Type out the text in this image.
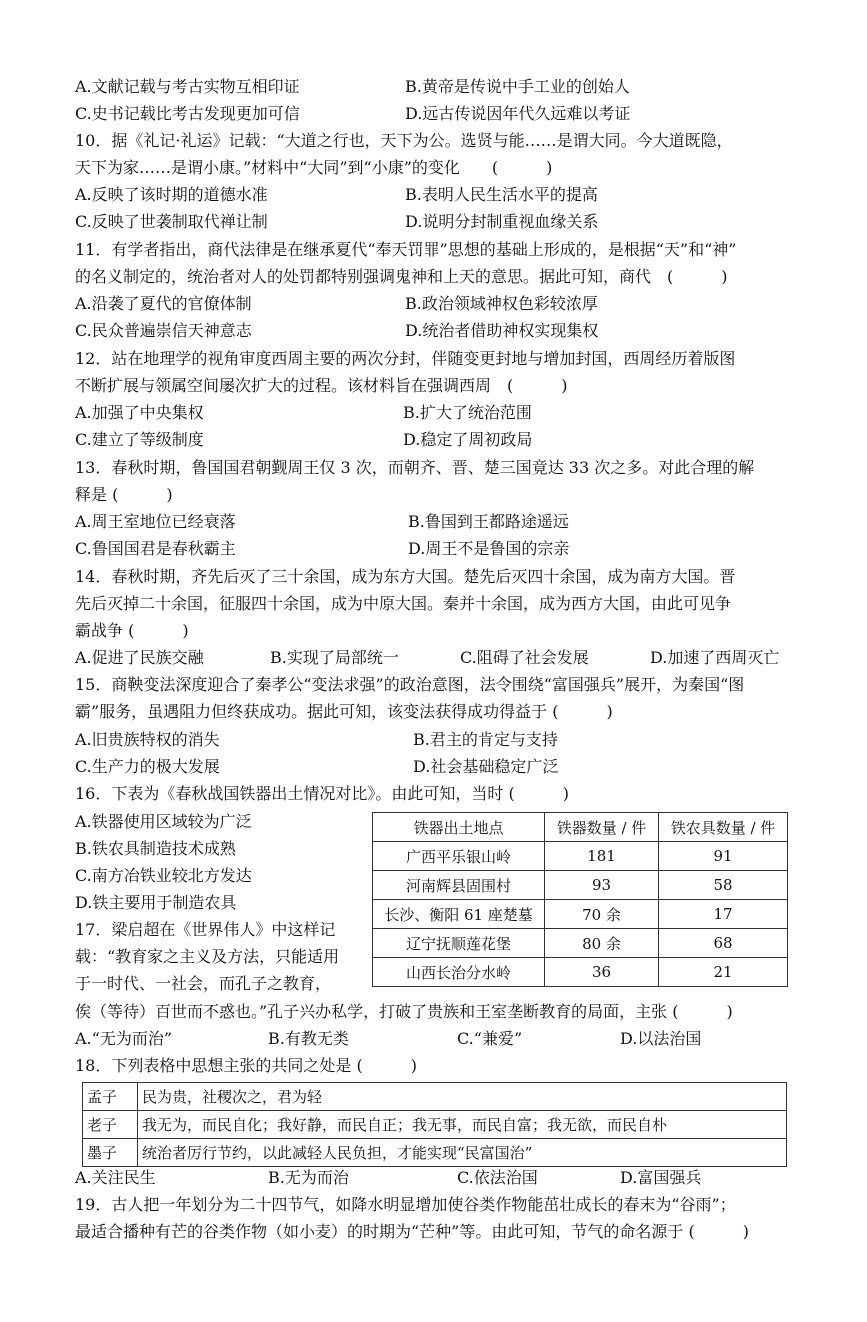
A.文献记载与考古实物互相印证	B.黄帝是传说中手工业的创始人
C.史书记载比考古发现更加可信	D.远古传说因年代久远难以考证
10．据《礼记·礼运》记载：“大道之行也，天下为公。选贤与能……是谓大同。今大道既隐，
天下为家……是谓小康。”材料中“大同”到“小康”的变化　　(　　　)
A.反映了该时期的道德水准	B.表明人民生活水平的提高
C.反映了世袭制取代禅让制	D.说明分封制重视血缘关系
11．有学者指出，商代法律是在继承夏代“奉天罚罪”思想的基础上形成的，是根据“天”和“神”
的名义制定的，统治者对人的处罚都特别强调鬼神和上天的意思。据此可知，商代　(　　　)
A.沿袭了夏代的官僚体制	B.政治领域神权色彩较浓厚
C.民众普遍崇信天神意志	D.统治者借助神权实现集权
12．站在地理学的视角审度西周主要的两次分封，伴随变更封地与增加封国，西周经历着版图
不断扩展与领属空间屡次扩大的过程。该材料旨在强调西周　(　　　)
A.加强了中央集权	B.扩大了统治范围
C.建立了等级制度	D.稳定了周初政局
13．春秋时期，鲁国国君朝觐周王仅 3 次，而朝齐、晋、楚三国竟达 33 次之多。对此合理的解
释是 (　　　)
A.周王室地位已经衰落	B.鲁国到王都路途遥远
C.鲁国国君是春秋霸主	D.周王不是鲁国的宗亲
14．春秋时期，齐先后灭了三十余国，成为东方大国。楚先后灭四十余国，成为南方大国。晋
先后灭掉二十余国，征服四十余国，成为中原大国。秦并十余国，成为西方大国，由此可见争
霸战争 (　　　)
A.促进了民族交融	B.实现了局部统一	C.阻碍了社会发展	D.加速了西周灭亡
15．商鞅变法深度迎合了秦孝公“变法求强”的政治意图，法令围绕“富国强兵”展开，为秦国“图
霸”服务，虽遇阻力但终获成功。据此可知，该变法获得成功得益于 (　　　)
A.旧贵族特权的消失	B.君主的肯定与支持
C.生产力的极大发展	D.社会基础稳定广泛
16．下表为《春秋战国铁器出土情况对比》。由此可知，当时 (　　　)
A.铁器使用区域较为广泛
B.铁农具制造技术成熟
C.南方冶铁业较北方发达
D.铁主要用于制造农具
铁器出土地点	铁器数量 / 件	铁农具数量 / 件
广西平乐银山岭	181	91
河南辉县固围村	93	58
长沙、衡阳 61 座楚墓	70 余	17
辽宁抚顺莲花堡	80 余	68
山西长治分水岭	36	21
17．梁启超在《世界伟人》中这样记
载：“教育家之主义及方法，只能适用
于一时代、一社会，而孔子之教育，
俟（等待）百世而不惑也。”孔子兴办私学，打破了贵族和王室垄断教育的局面，主张 (　　　)
A.“无为而治”	B.有教无类	C.“兼爱”	D.以法治国
18．下列表格中思想主张的共同之处是 (　　　)
孟子	民为贵，社稷次之，君为轻
老子	我无为，而民自化；我好静，而民自正；我无事，而民自富；我无欲，而民自朴
墨子	统治者厉行节约，以此减轻人民负担，才能实现“民富国治”
A.关注民生	B.无为而治	C.依法治国	D.富国强兵
19．古人把一年划分为二十四节气，如降水明显增加使谷类作物能茁壮成长的春末为“谷雨”；
最适合播种有芒的谷类作物（如小麦）的时期为“芒种”等。由此可知，节气的命名源于 (　　　)
